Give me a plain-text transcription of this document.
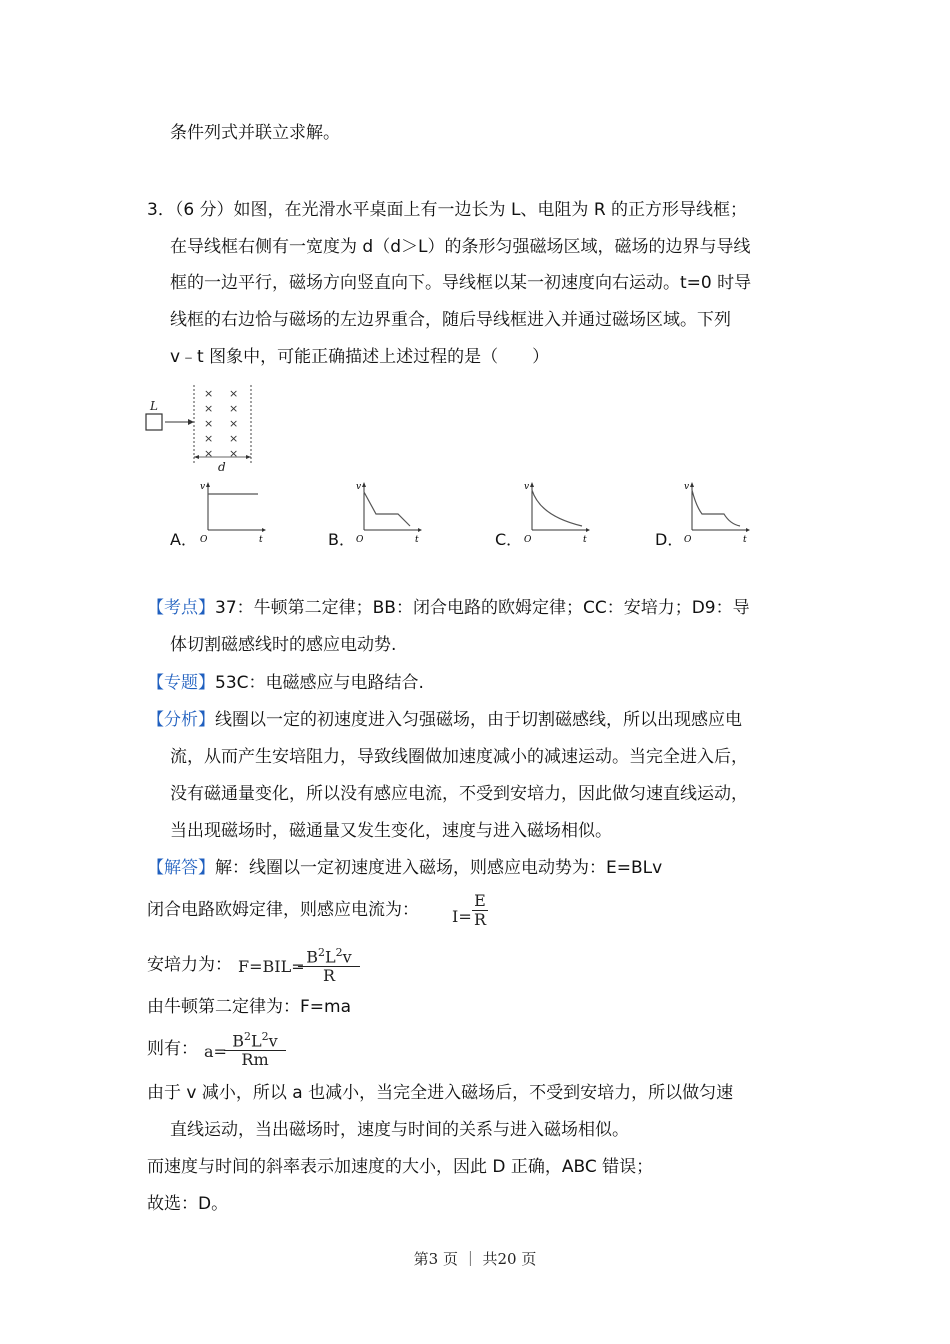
条件列式并联立求解。
3．（6 分）如图，在光滑水平桌面上有一边长为 L、电阻为 R 的正方形导线框；
在导线框右侧有一宽度为 d（d＞L）的条形匀强磁场区域，磁场的边界与导线
框的一边平行，磁场方向竖直向下。导线框以某一初速度向右运动。t=0 时导
线框的右边恰与磁场的左边界重合，随后导线框进入并通过磁场区域。下列
v﹣t 图象中，可能正确描述上述过程的是（　　）
L
× ×
× ×
× ×
× ×
× ×
d
A．
v
O	t	B．
v
O	t	C．
v
O	t	D．
v
O	t
【考点】37：牛顿第二定律；BB：闭合电路的欧姆定律；CC：安培力；D9：导
体切割磁感线时的感应电动势.
【专题】53C：电磁感应与电路结合.
【分析】线圈以一定的初速度进入匀强磁场，由于切割磁感线，所以出现感应电
流，从而产生安培阻力，导致线圈做加速度减小的减速运动。当完全进入后，
没有磁通量变化，所以没有感应电流，不受到安培力，因此做匀速直线运动，
当出现磁场时，磁通量又发生变化，速度与进入磁场相似。
【解答】解：线圈以一定初速度进入磁场，则感应电动势为：E=BLv
闭合电路欧姆定律，则感应电流为： I=
E
R
安培力为： F=BIL=
$B^2L^2v$
R
由牛顿第二定律为：F=ma
则有： a=
$B^2L^2v$
Rm
由于 v 减小，所以 a 也减小，当完全进入磁场后，不受到安培力，所以做匀速
直线运动，当出磁场时，速度与时间的关系与进入磁场相似。
而速度与时间的斜率表示加速度的大小，因此 D 正确，ABC 错误；
故选：D。
第3 页 ｜ 共20 页
